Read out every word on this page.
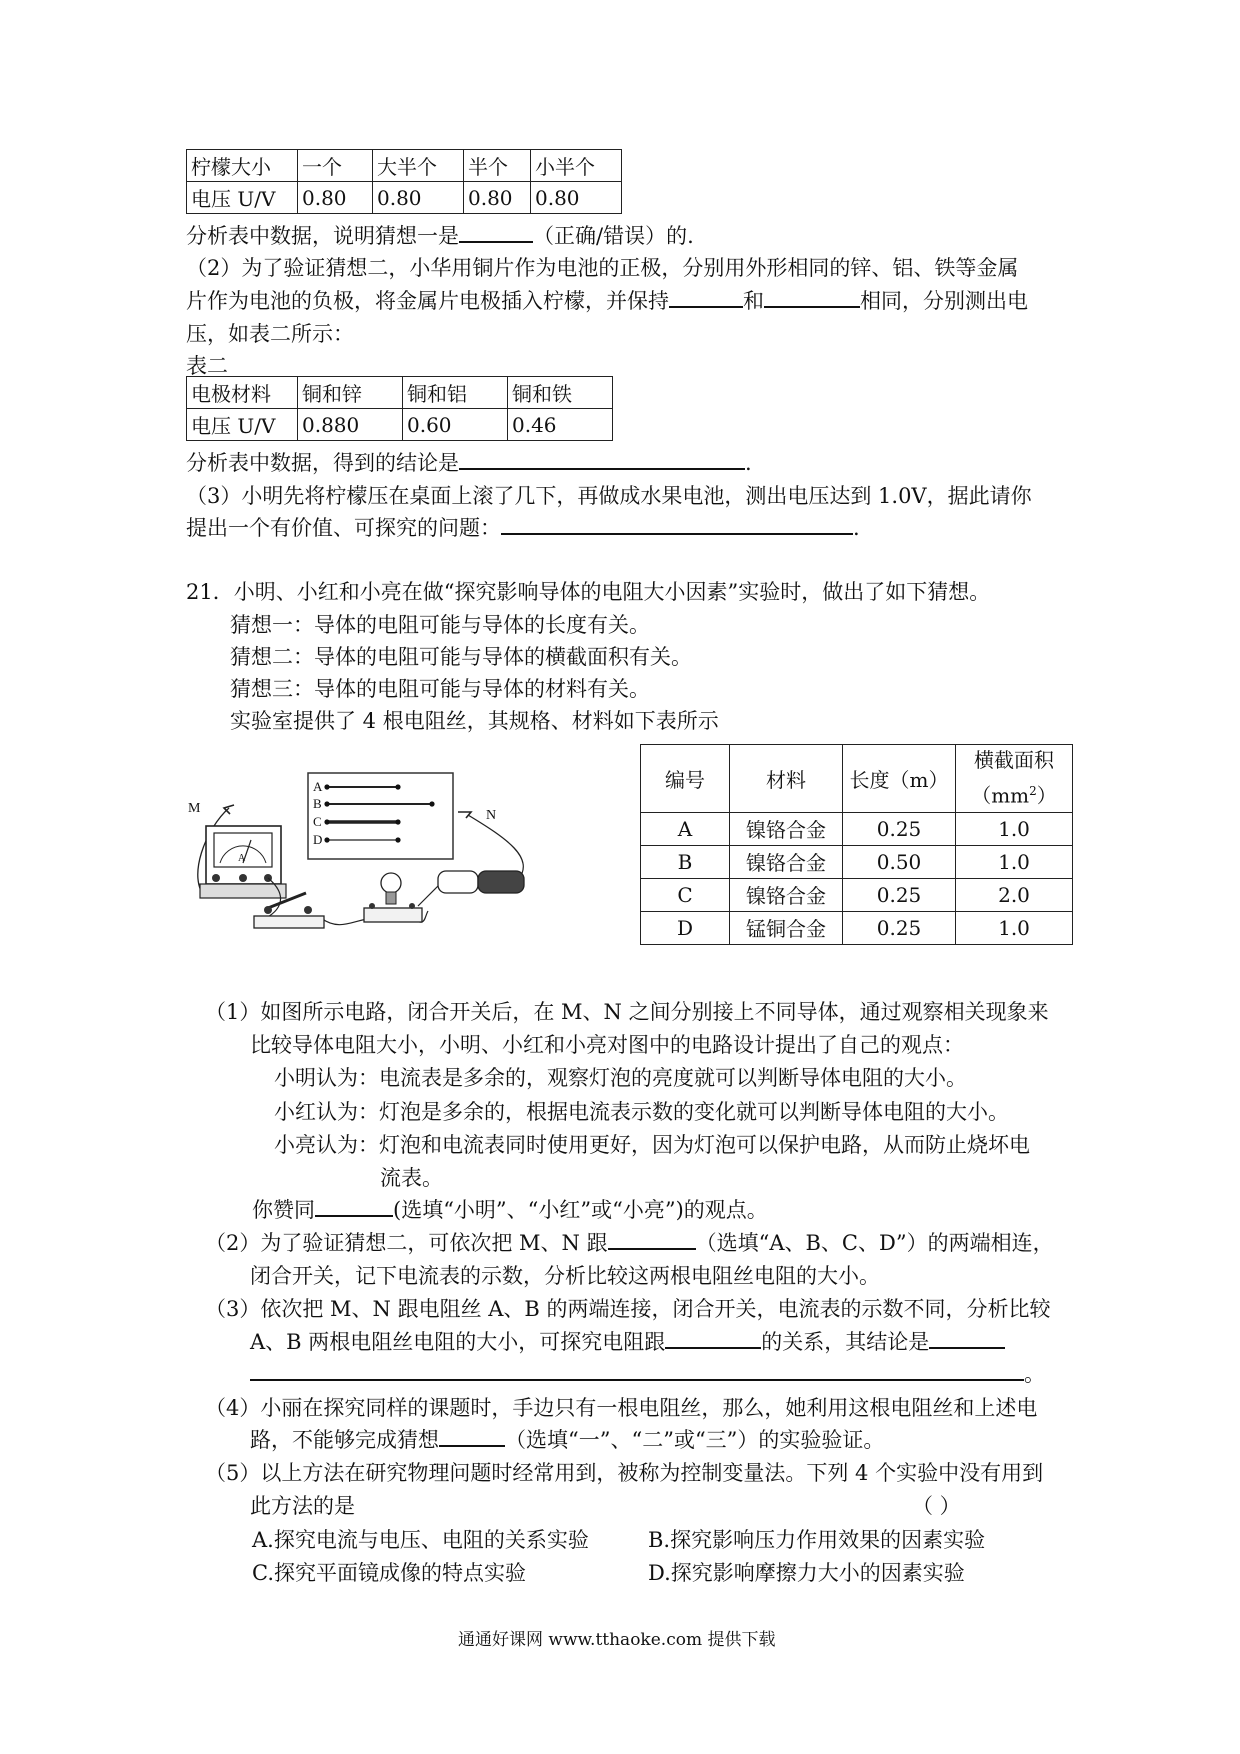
柠檬大小	一个	大半个	半个	小半个
电压 U/V	0.80	0.80	0.80	0.80
分析表中数据，说明猜想一是	（正确/错误）的.
（2）为了验证猜想二，小华用铜片作为电池的正极，分别用外形相同的锌、铝、铁等金属
片作为电池的负极，将金属片电极插入柠檬，并保持	和	相同，分别测出电
压，如表二所示：
表二
电极材料	铜和锌	铜和铝	铜和铁
电压 U/V	0.880	0.60	0.46
分析表中数据，得到的结论是	.
（3）小明先将柠檬压在桌面上滚了几下，再做成水果电池，测出电压达到 1.0V，据此请你
提出一个有价值、可探究的问题：	.
21．小明、小红和小亮在做“探究影响导体的电阻大小因素”实验时，做出了如下猜想。
猜想一：导体的电阻可能与导体的长度有关。
猜想二：导体的电阻可能与导体的横截面积有关。
猜想三：导体的电阻可能与导体的材料有关。
实验室提供了 4 根电阻丝，其规格、材料如下表所示
A
B
C
D
M	N
A
编号	材料	长度（m）	横截面积
$(mm^2)$

A	镍铬合金	0.25	1.0
B	镍铬合金	0.50	1.0
C	镍铬合金	0.25	2.0
D	锰铜合金	0.25	1.0
（1）如图所示电路，闭合开关后，在 M、N 之间分别接上不同导体，通过观察相关现象来
比较导体电阻大小，小明、小红和小亮对图中的电路设计提出了自己的观点：
小明认为：电流表是多余的，观察灯泡的亮度就可以判断导体电阻的大小。
小红认为：灯泡是多余的，根据电流表示数的变化就可以判断导体电阻的大小。
小亮认为：灯泡和电流表同时使用更好，因为灯泡可以保护电路，从而防止烧坏电
流表。
你赞同	(选填“小明”、“小红”或“小亮”)的观点。
（2）为了验证猜想二，可依次把 M、N 跟	（选填“A、B、C、D”）的两端相连，
闭合开关，记下电流表的示数，分析比较这两根电阻丝电阻的大小。
（3）依次把 M、N 跟电阻丝 A、B 的两端连接，闭合开关，电流表的示数不同，分析比较
A、B 两根电阻丝电阻的大小，可探究电阻跟	的关系，其结论是
。
（4）小丽在探究同样的课题时，手边只有一根电阻丝，那么，她利用这根电阻丝和上述电
路，不能够完成猜想	（选填“一”、“二”或“三”）的实验验证。
（5）以上方法在研究物理问题时经常用到，被称为控制变量法。下列 4 个实验中没有用到
此方法的是	（ ）
A.探究电流与电压、电阻的关系实验	B.探究影响压力作用效果的因素实验
C.探究平面镜成像的特点实验	D.探究影响摩擦力大小的因素实验
通通好课网 www.tthaoke.com 提供下载
